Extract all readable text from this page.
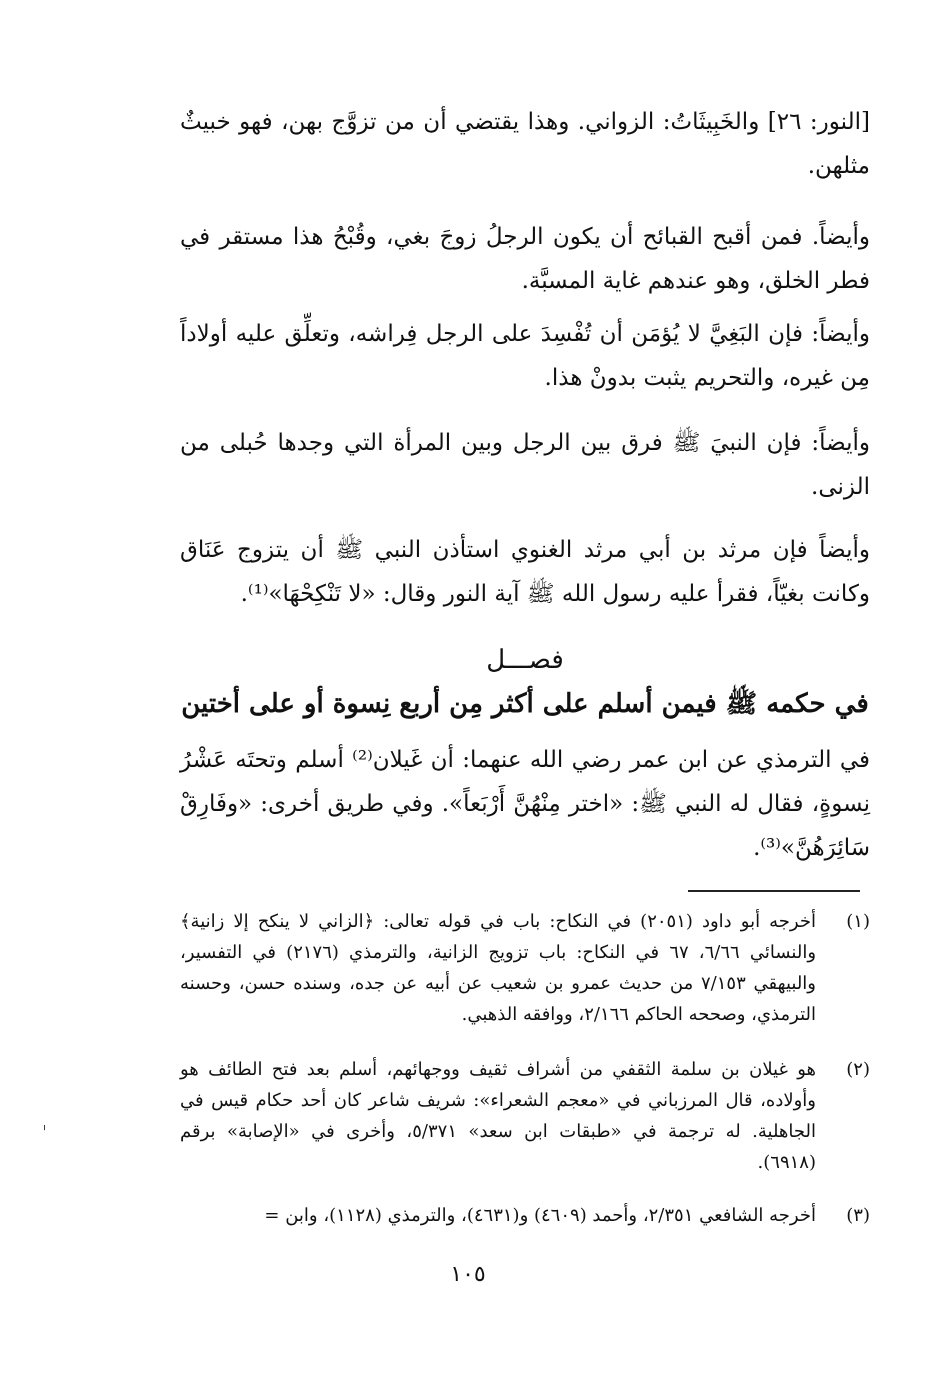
[النور: ٢٦] والخَبِيثَاتُ: الزواني. وهذا يقتضي أن من تزوَّج بهن، فهو خبيثٌ مثلهن.

وأيضاً. فمن أقبح القبائح أن يكون الرجلُ زوجَ بغي، وقُبْحُ هذا مستقر في فطر الخلق، وهو عندهم غاية المسبَّة.

وأيضاً: فإن البَغِيَّ لا يُؤمَن أن تُفْسِدَ على الرجل فِراشه، وتعلِّق عليه أولاداً مِن غيره، والتحريم يثبت بدونْ هذا.

وأيضاً: فإن النبيَ ﷺ فرق بين الرجل وبين المرأة التي وجدها حُبلى من الزنى.

وأيضاً فإن مرثد بن أبي مرثد الغنوي استأذن النبي ﷺ أن يتزوج عَنَاق وكانت بغيّاً، فقرأ عليه رسول الله ﷺ آية النور وقال: «لا تَنْكِحْهَا»⁽¹⁾.

فصـــل
في حكمه ﷺ فيمن أسلم على أكثر مِن أربع نِسوة أو على أختين

في الترمذي عن ابن عمر رضي الله عنهما: أن غَيلان⁽²⁾ أسلم وتحتَه عَشْرُ نِسوةٍ، فقال له النبي ﷺ: «اختر مِنْهُنَّ أَرْبَعاً». وفي طريق أخرى: «وفَارِقْ سَائِرَهُنَّ»⁽³⁾.

(١)
أخرجه أبو داود (٢٠٥١) في النكاح: باب في قوله تعالى: ﴿الزاني لا ينكح إلا زانية﴾ والنسائي ٦/٦٦، ٦٧ في النكاح: باب تزويج الزانية، والترمذي (٢١٧٦) في التفسير، والبيهقي ٧/١٥٣ من حديث عمرو بن شعيب عن أبيه عن جده، وسنده حسن، وحسنه الترمذي، وصححه الحاكم ٢/١٦٦، ووافقه الذهبي.
(٢)
هو غيلان بن سلمة الثقفي من أشراف ثقيف ووجهائهم، أسلم بعد فتح الطائف هو وأولاده، قال المرزباني في «معجم الشعراء»: شريف شاعر كان أحد حكام قيس في الجاهلية. له ترجمة في «طبقات ابن سعد» ٥/٣٧١، وأخرى في «الإصابة» برقم (٦٩١٨).
(٣)
أخرجه الشافعي ٢/٣٥١، وأحمد (٤٦٠٩) و(٤٦٣١)، والترمذي (١١٢٨)، وابن =
١٠٥
